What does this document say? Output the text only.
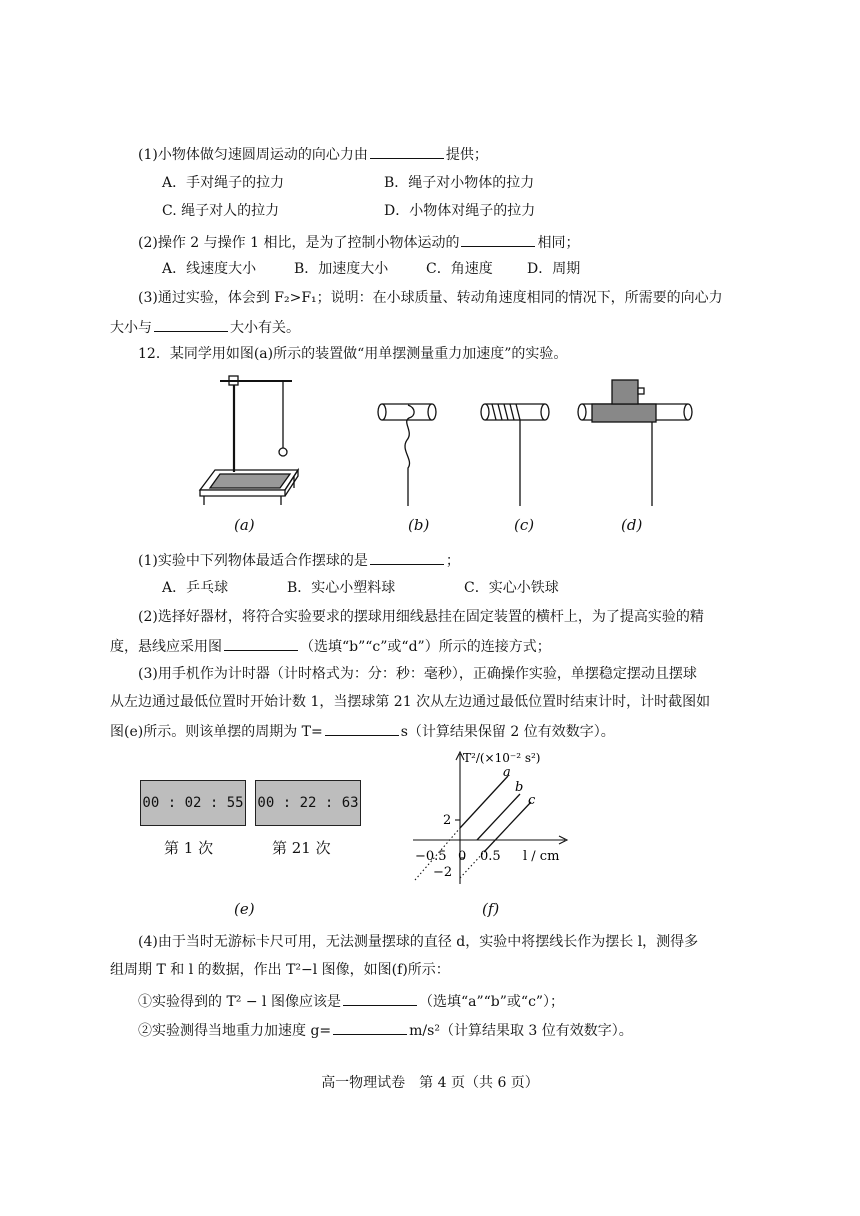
(1)小物体做匀速圆周运动的向心力由	提供；
A．手对绳子的拉力	B．绳子对小物体的拉力
C. 绳子对人的拉力	D．小物体对绳子的拉力
(2)操作 2 与操作 1 相比，是为了控制小物体运动的	相同；
A．线速度大小	B．加速度大小	C．角速度 D．周期
(3)通过实验，体会到 F₂>F₁；说明：在小球质量、转动角速度相同的情况下，所需要的向心力
大小与	大小有关。
12．某同学用如图(a)所示的装置做“用单摆测量重力加速度”的实验。
(a)	(b)	(c)	(d)
(1)实验中下列物体最适合作摆球的是	；
A．乒乓球	B．实心小塑料球	C．实心小铁球
(2)选择好器材，将符合实验要求的摆球用细线悬挂在固定装置的横杆上，为了提高实验的精
度，悬线应采用图	（选填“b”“c”或“d”）所示的连接方式；
(3)用手机作为计时器（计时格式为：分：秒：毫秒），正确操作实验，单摆稳定摆动且摆球
从左边通过最低位置时开始计数 1，当摆球第 21 次从左边通过最低位置时结束计时，计时截图如
图(e)所示。则该单摆的周期为 T=	s（计算结果保留 2 位有效数字）。
00 : 02 : 55 00 : 22 : 63
第 1 次	第 21 次
(e)
T²/(×10⁻² s²)
l / cm
2
−2
−0.5 0 0.5
a
b
c
(f)
(4)由于当时无游标卡尺可用，无法测量摆球的直径 d，实验中将摆线长作为摆长 l，测得多
组周期 T 和 l 的数据，作出 T²−l 图像，如图(f)所示：
①实验得到的 T² − l 图像应该是	（选填“a”“b”或“c”）；
②实验测得当地重力加速度 g=	m/s²（计算结果取 3 位有效数字）。
高一物理试卷　第 4 页（共 6 页）
